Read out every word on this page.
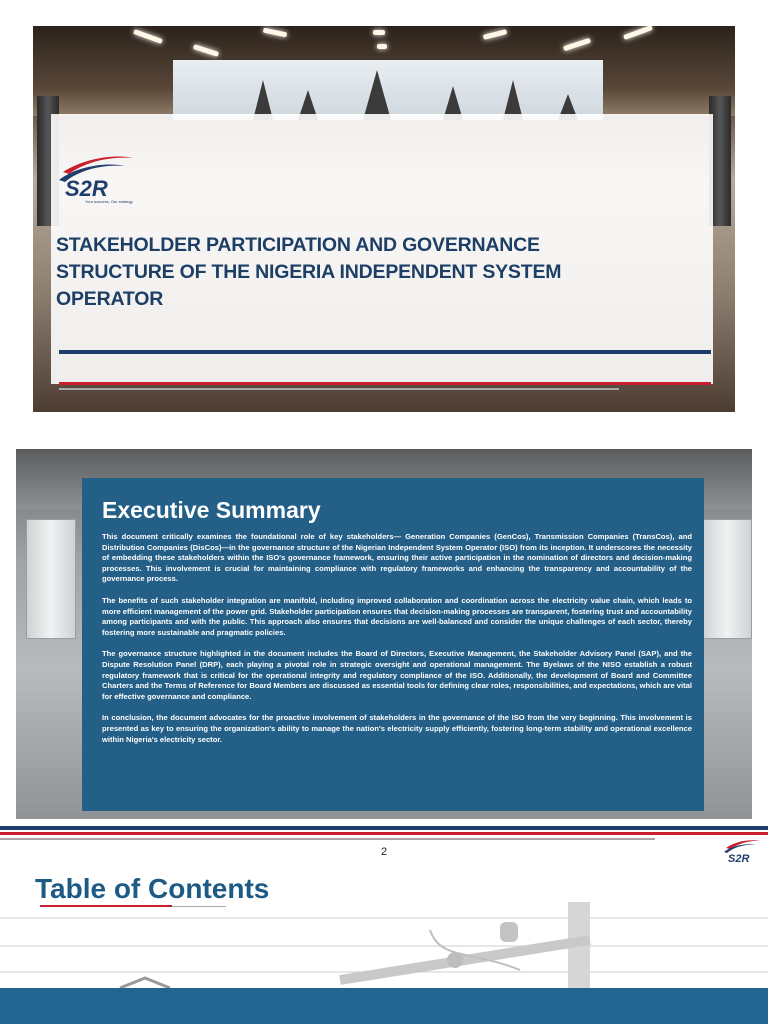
S2R
Your success, Our strategy
STAKEHOLDER PARTICIPATION AND GOVERNANCE STRUCTURE OF THE NIGERIA INDEPENDENT SYSTEM OPERATOR
Executive Summary

This document critically examines the foundational role of key stakeholders— Generation Companies (GenCos), Transmission Companies (TransCos), and Distribution Companies (DisCos)—in the governance structure of the Nigerian Independent System Operator (ISO) from its inception. It underscores the necessity of embedding these stakeholders within the ISO's governance framework, ensuring their active participation in the nomination of directors and decision-making processes. This involvement is crucial for maintaining compliance with regulatory frameworks and enhancing the transparency and accountability of the governance process.

The benefits of such stakeholder integration are manifold, including improved collaboration and coordination across the electricity value chain, which leads to more efficient management of the power grid. Stakeholder participation ensures that decision-making processes are transparent, fostering trust and accountability among participants and with the public. This approach also ensures that decisions are well-balanced and consider the unique challenges of each sector, thereby fostering more sustainable and pragmatic policies.

The governance structure highlighted in the document includes the Board of Directors, Executive Management, the Stakeholder Advisory Panel (SAP), and the Dispute Resolution Panel (DRP), each playing a pivotal role in strategic oversight and operational management. The Byelaws of the NISO establish a robust regulatory framework that is critical for the operational integrity and regulatory compliance of the ISO. Additionally, the development of Board and Committee Charters and the Terms of Reference for Board Members are discussed as essential tools for defining clear roles, responsibilities, and expectations, which are vital for effective governance and compliance.

In conclusion, the document advocates for the proactive involvement of stakeholders in the governance of the ISO from the very beginning. This involvement is presented as key to ensuring the organization's ability to manage the nation's electricity supply efficiently, fostering long-term stability and operational excellence within Nigeria's electricity sector.

2
S2R
Table of Contents
